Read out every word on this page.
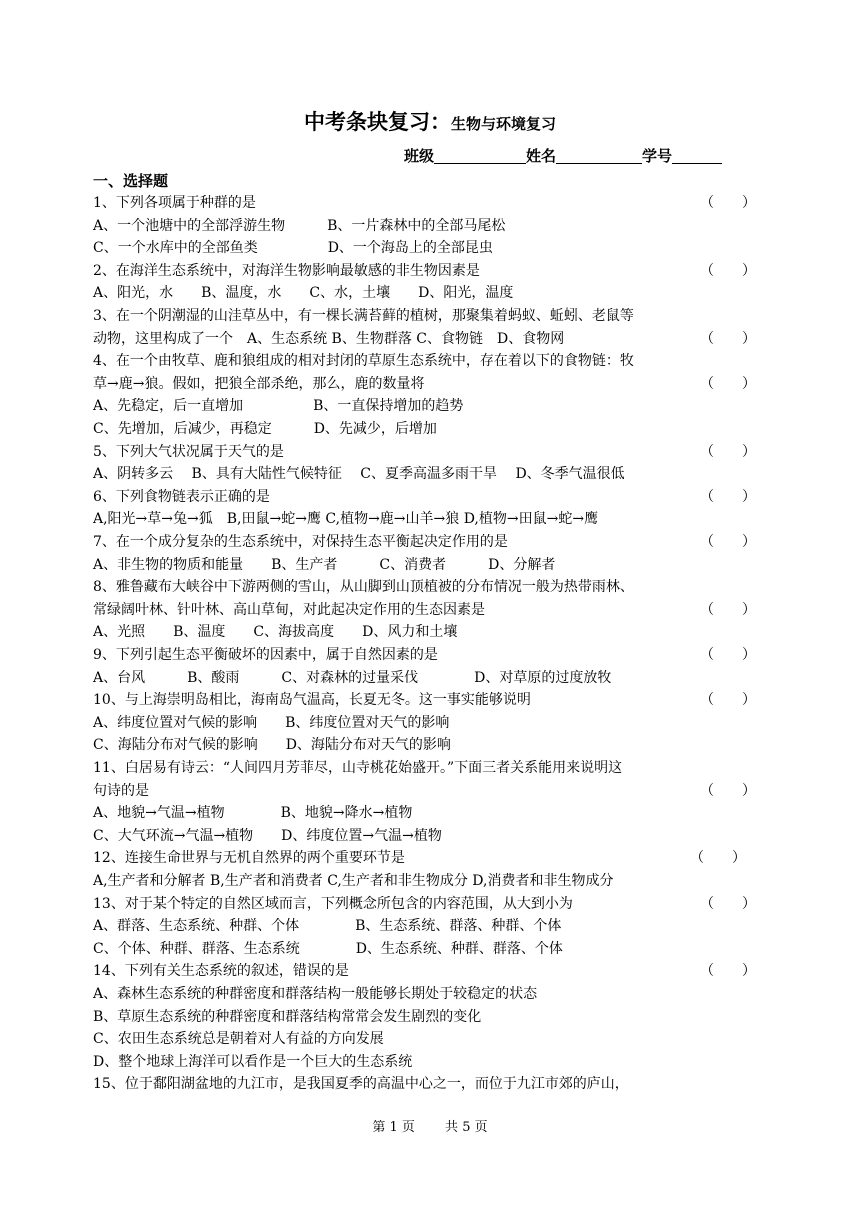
中考条块复习：生物与环境复习
班级	姓名	学号
一、选择题
1、下列各项属于种群的是	（　　）
A、一个池塘中的全部浮游生物　　　B、一片森林中的全部马尾松
C、一个水库中的全部鱼类　　　　　D、一个海岛上的全部昆虫
2、在海洋生态系统中，对海洋生物影响最敏感的非生物因素是	（　　）
A、阳光，水　　B、温度，水　　C、水，土壤　　D、阳光，温度
3、在一个阴潮湿的山洼草丛中，有一棵长满苔藓的植树，那聚集着蚂蚁、蚯蚓、老鼠等
动物，这里构成了一个　A、生态系统 B、生物群落 C、食物链　D、食物网	（　　）
4、在一个由牧草、鹿和狼组成的相对封闭的草原生态系统中，存在着以下的食物链：牧
草→鹿→狼。假如，把狼全部杀绝，那么，鹿的数量将	（　　）
A、先稳定，后一直增加　　　　　B、一直保持增加的趋势
C、先增加，后减少，再稳定　　　D、先减少，后增加
5、下列大气状况属于天气的是	（　　）
A、阴转多云　 B、具有大陆性气候特征　 C、夏季高温多雨干旱　 D、冬季气温很低
6、下列食物链表示正确的是	（　　）
A,阳光→草→兔→狐　B,田鼠→蛇→鹰 C,植物→鹿→山羊→狼 D,植物→田鼠→蛇→鹰
7、在一个成分复杂的生态系统中，对保持生态平衡起决定作用的是	（　　）
A、非生物的物质和能量　　B、生产者　　　C、消费者　　　D、分解者
8、雅鲁藏布大峡谷中下游两侧的雪山，从山脚到山顶植被的分布情况一般为热带雨林、
常绿阔叶林、针叶林、高山草甸，对此起决定作用的生态因素是	（　　）
A、光照　　B、温度　　C、海拔高度　　D、风力和土壤
9、下列引起生态平衡破坏的因素中，属于自然因素的是	（　　）
A、台风　　　B、酸雨　　　C、对森林的过量采伐　　　　D、对草原的过度放牧
10、与上海崇明岛相比，海南岛气温高，长夏无冬。这一事实能够说明	（　　）
A、纬度位置对气候的影响　　B、纬度位置对天气的影响
C、海陆分布对气候的影响　　D、海陆分布对天气的影响
11、白居易有诗云：“人间四月芳菲尽，山寺桃花始盛开。”下面三者关系能用来说明这
句诗的是	（　　）
A、地貌→气温→植物　　　　B、地貌→降水→植物
C、大气环流→气温→植物　　D、纬度位置→气温→植物
12、连接生命世界与无机自然界的两个重要环节是	（　　）
A,生产者和分解者 B,生产者和消费者 C,生产者和非生物成分 D,消费者和非生物成分
13、对于某个特定的自然区域而言，下列概念所包含的内容范围，从大到小为	（　　）
A、群落、生态系统、种群、个体　　　　B、生态系统、群落、种群、个体
C、个体、种群、群落、生态系统　　　　D、生态系统、种群、群落、个体
14、下列有关生态系统的叙述，错误的是	（　　）
A、森林生态系统的种群密度和群落结构一般能够长期处于较稳定的状态
B、草原生态系统的种群密度和群落结构常常会发生剧烈的变化
C、农田生态系统总是朝着对人有益的方向发展
D、整个地球上海洋可以看作是一个巨大的生态系统
15、位于鄱阳湖盆地的九江市，是我国夏季的高温中心之一，而位于九江市郊的庐山，
第 1 页　　 共 5 页
